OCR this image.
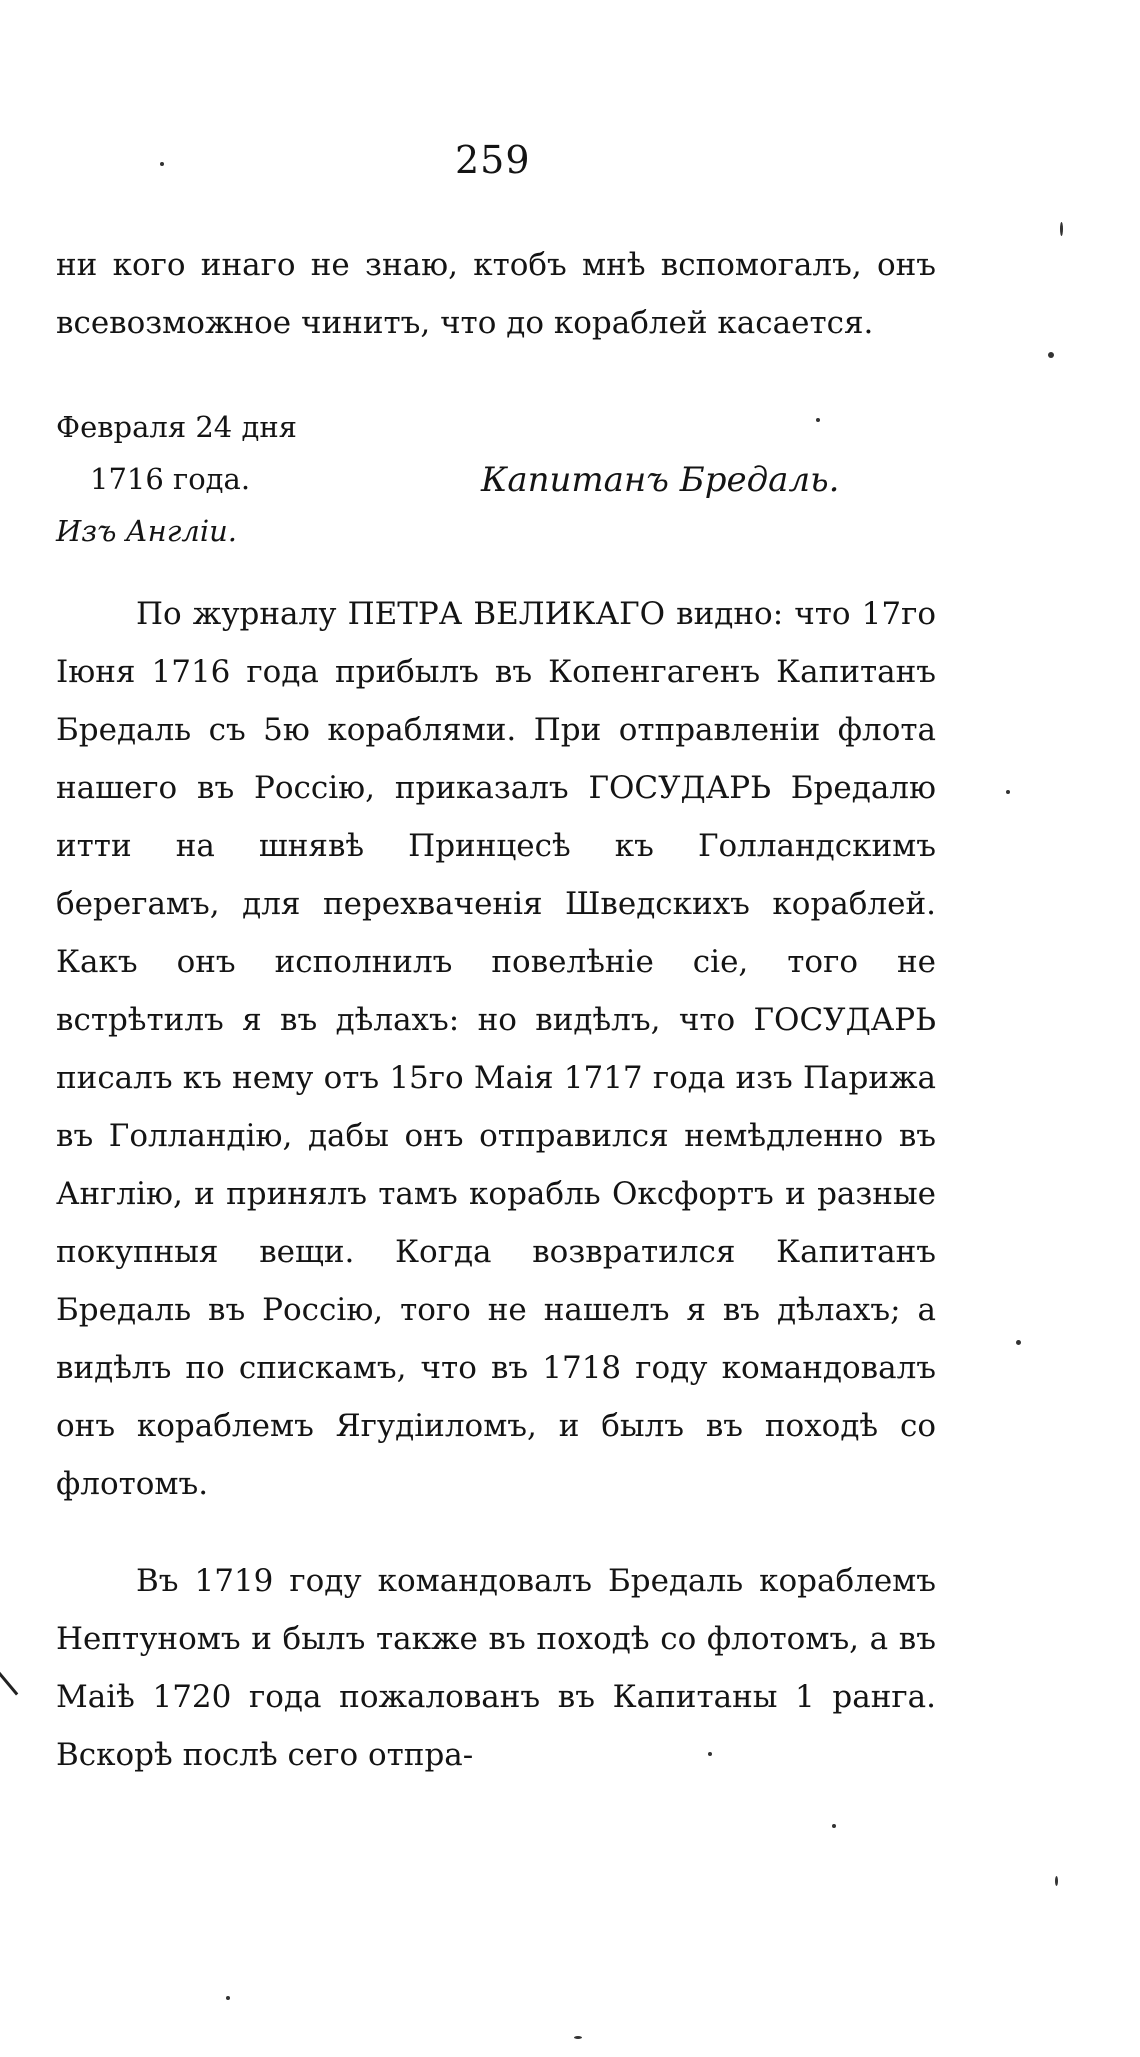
259
ни кого инаго не знаю, ктобъ мнѣ вспомогалъ, онъ всевозможное чинитъ, что до кораблей касается.
Февраля 24 дня
1716 года.
Изъ Англіи.
Капитанъ Бредаль.
По журналу ПЕТРА ВЕЛИКАГО видно: что 17го Іюня 1716 года прибылъ въ Копенгагенъ Капитанъ Бредаль съ 5ю кораблями. При отправленіи флота нашего въ Россію, приказалъ ГОСУДАРЬ Бредалю итти на шнявѣ Принцесѣ къ Голландскимъ берегамъ, для перехваченія Шведскихъ кораблей. Какъ онъ исполнилъ повелѣніе сіе, того не встрѣтилъ я въ дѣлахъ: но видѣлъ, что ГОСУДАРЬ писалъ къ нему отъ 15го Маія 1717 года изъ Парижа въ Голландію, дабы онъ отправился немѣдленно въ Англію, и принялъ тамъ корабль Оксфортъ и разные покупныя вещи. Когда возвратился Капитанъ Бредаль въ Россію, того не нашелъ я въ дѣлахъ; а видѣлъ по спискамъ, что въ 1718 году командовалъ онъ кораблемъ Ягудіиломъ, и былъ въ походѣ со флотомъ.
Въ 1719 году командовалъ Бредаль кораблемъ Нептуномъ и былъ также въ походѣ со флотомъ, а въ Маіѣ 1720 года пожалованъ въ Капитаны 1 ранга. Вскорѣ послѣ сего отпра-
